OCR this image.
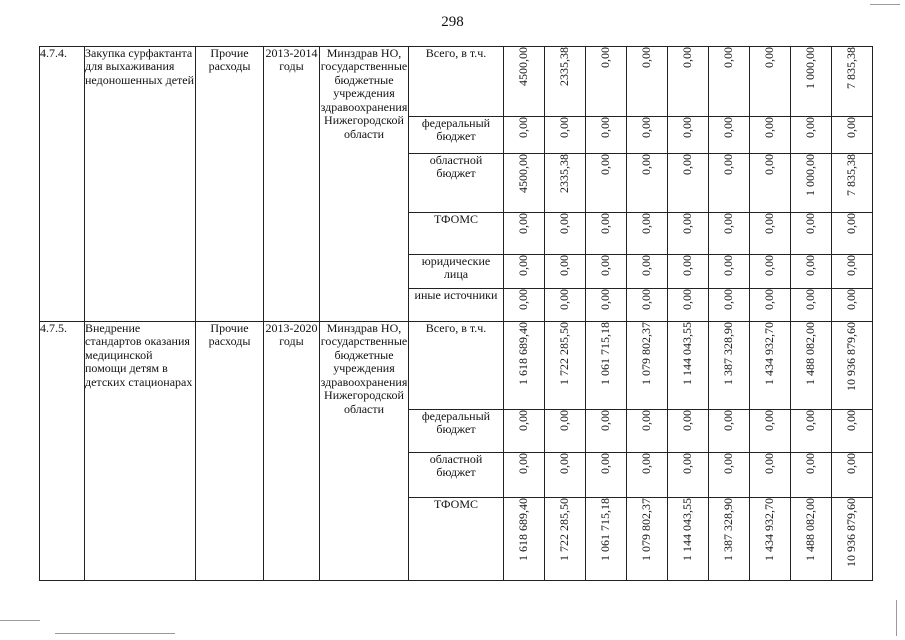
298
4.7.4.	Закупка сурфактанта для выхаживания недоношенных детей	Прочие расходы	2013-2014 годы	Минздрав НО, государственные бюджетные учреждения здравоохранения Нижегородской области	Всего, в т.ч.	4500,00	2335,38	0,00	0,00	0,00	0,00	0,00	1 000,00	7 835,38
					федеральный бюджет	0,00	0,00	0,00	0,00	0,00	0,00	0,00	0,00	0,00
					областной бюджет	4500,00	2335,38	0,00	0,00	0,00	0,00	0,00	1 000,00	7 835,38
					ТФОМС	0,00	0,00	0,00	0,00	0,00	0,00	0,00	0,00	0,00
					юридические лица	0,00	0,00	0,00	0,00	0,00	0,00	0,00	0,00	0,00
					иные источники	0,00	0,00	0,00	0,00	0,00	0,00	0,00	0,00	0,00
4.7.5.	Внедрение стандартов оказания медицинской помощи детям в детских стационарах	Прочие расходы	2013-2020 годы	Минздрав НО, государственные бюджетные учреждения здравоохранения Нижегородской области	Всего, в т.ч.	1 618 689,40	1 722 285,50	1 061 715,18	1 079 802,37	1 144 043,55	1 387 328,90	1 434 932,70	1 488 082,00	10 936 879,60
					федеральный бюджет	0,00	0,00	0,00	0,00	0,00	0,00	0,00	0,00	0,00
					областной бюджет	0,00	0,00	0,00	0,00	0,00	0,00	0,00	0,00	0,00
					ТФОМС	1 618 689,40	1 722 285,50	1 061 715,18	1 079 802,37	1 144 043,55	1 387 328,90	1 434 932,70	1 488 082,00	10 936 879,60
